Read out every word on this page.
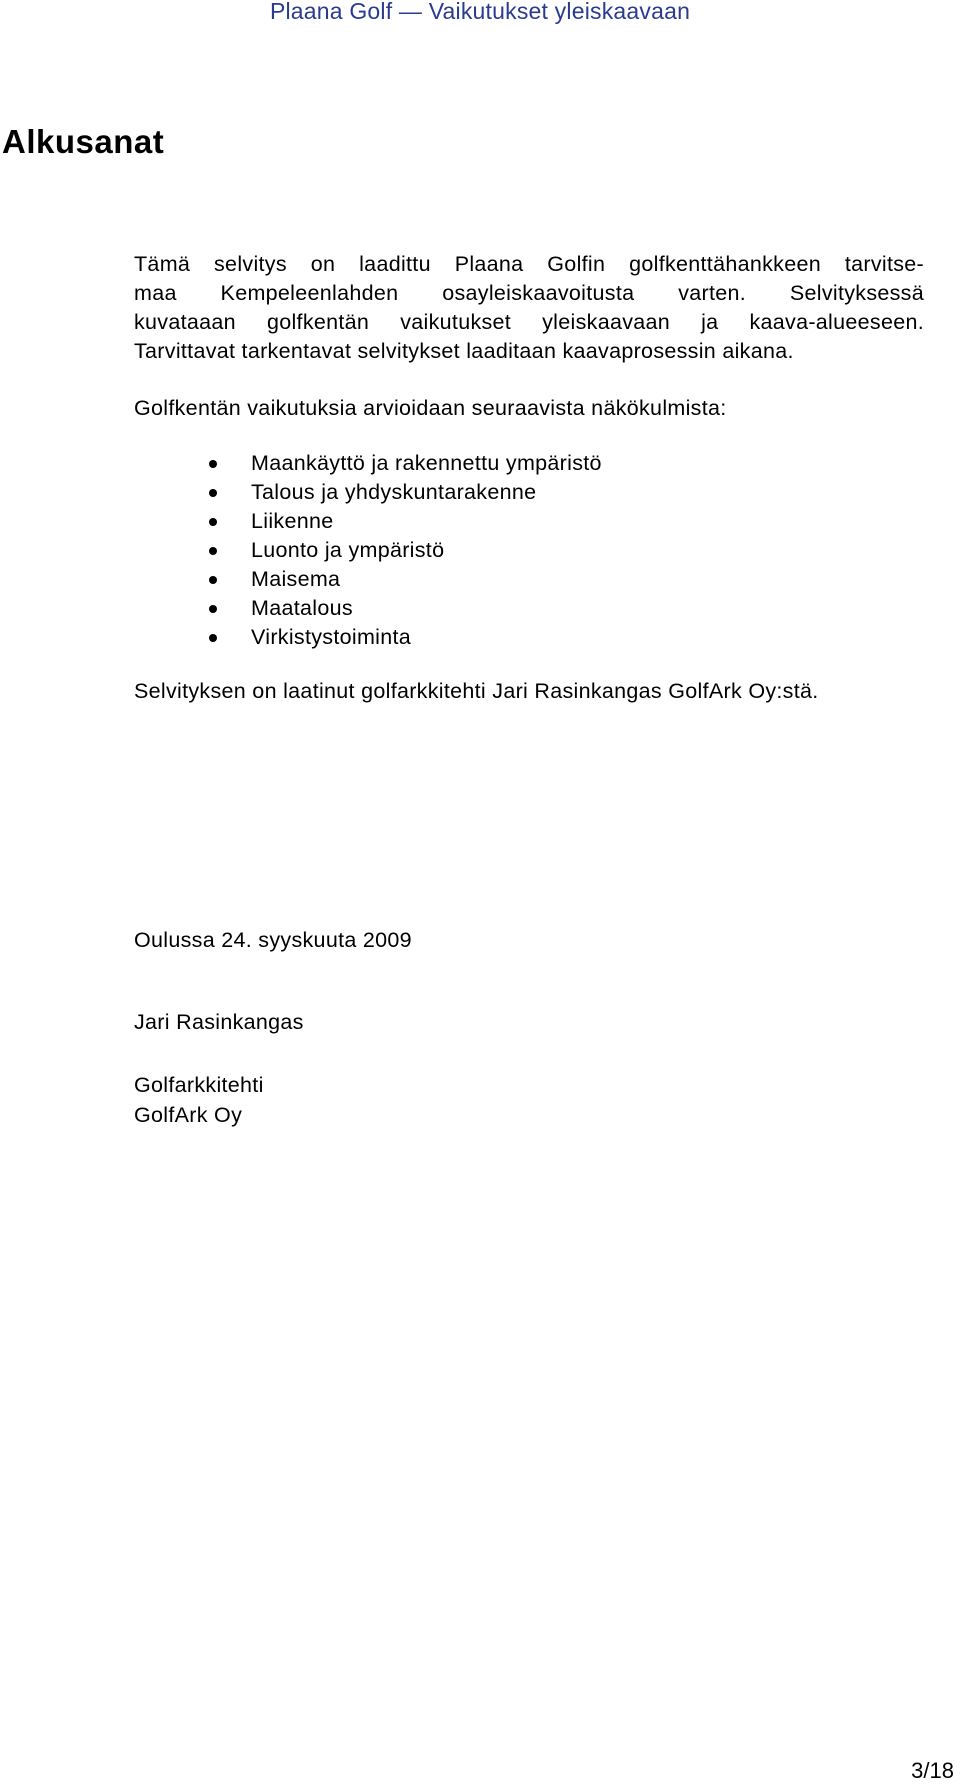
Plaana Golf — Vaikutukset yleiskaavaan
Alkusanat

Tämä selvitys on laadittu Plaana Golfin golfkenttähankkeen tarvitse-
maa Kempeleenlahden osayleiskaavoitusta varten. Selvityksessä
kuvataaan golfkentän vaikutukset yleiskaavaan ja kaava-alueeseen.
Tarvittavat tarkentavat selvitykset laaditaan kaavaprosessin aikana.

Golfkentän vaikutuksia arvioidaan seuraavista näkökulmista:

Maankäyttö ja rakennettu ympäristö
Talous ja yhdyskuntarakenne
Liikenne
Luonto ja ympäristö
Maisema
Maatalous
Virkistystoiminta

Selvityksen on laatinut golfarkkitehti Jari Rasinkangas GolfArk Oy:stä.

Oulussa 24. syyskuuta 2009

Jari Rasinkangas

Golfarkkitehti
GolfArk Oy

3/18
